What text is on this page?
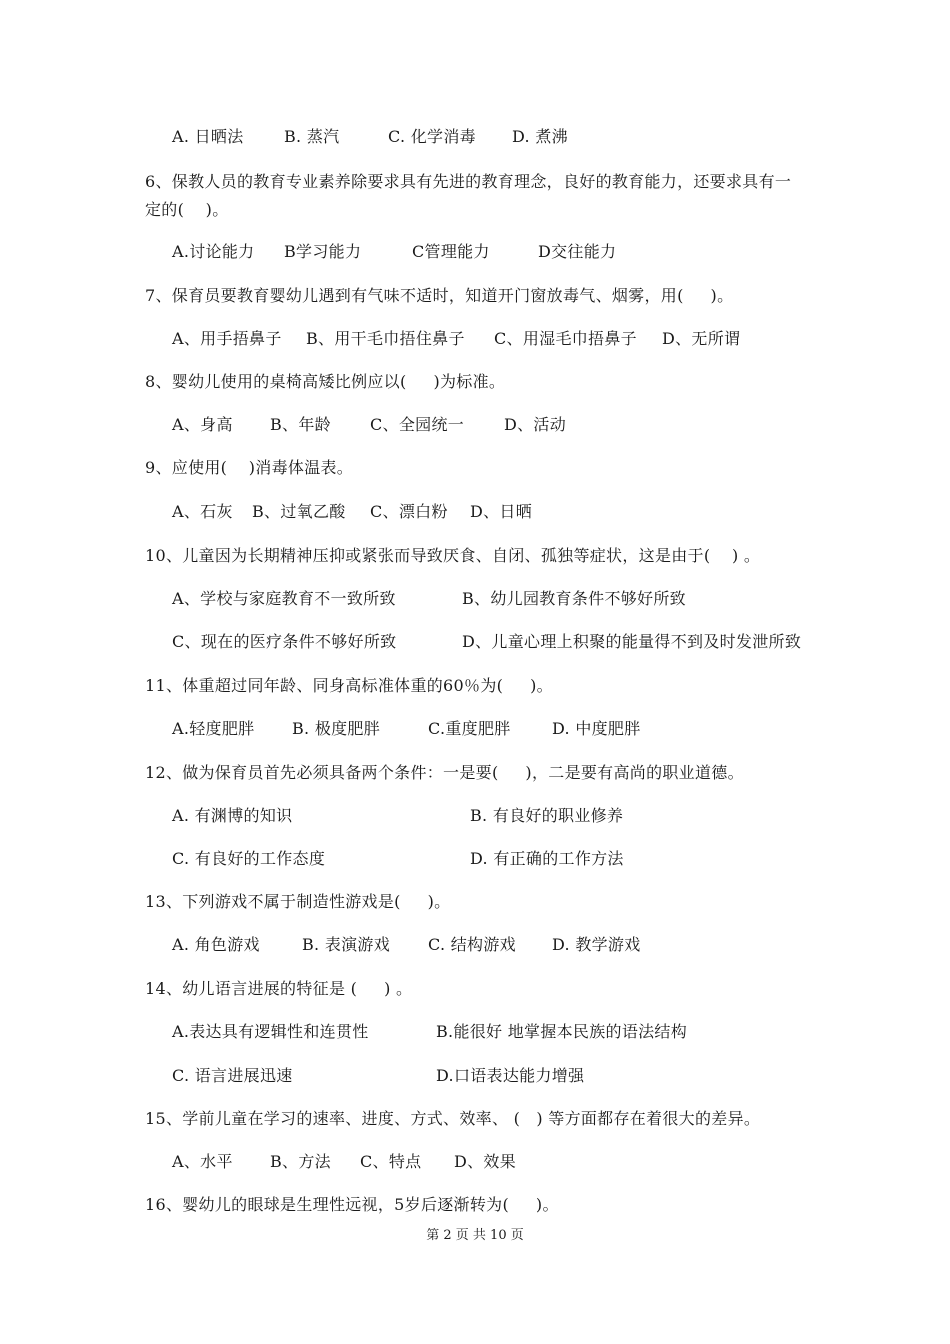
A. 日晒法	B. 蒸汽	C. 化学消毒 D. 煮沸
6、保教人员的教育专业素养除要求具有先进的教育理念，良好的教育能力，还要求具有一
定的(    )。
A.讨论能力 B学习能力	C管理能力	D交往能力
7、保育员要教育婴幼儿遇到有气味不适时，知道开门窗放毒气、烟雾，用(     )。
A、用手捂鼻子 B、用干毛巾捂住鼻子 C、用湿毛巾捂鼻子 D、无所谓
8、婴幼儿使用的桌椅高矮比例应以(     )为标准。
A、身高 B、年龄 C、全园统一 D、活动
9、应使用(    )消毒体温表。
A、石灰 B、过氧乙酸 C、漂白粉 D、日晒
10、儿童因为长期精神压抑或紧张而导致厌食、自闭、孤独等症状，这是由于(    ) 。
A、学校与家庭教育不一致所致	B、幼儿园教育条件不够好所致
C、现在的医疗条件不够好所致	D、儿童心理上积聚的能量得不到及时发泄所致
11、体重超过同年龄、同身高标准体重的60％为(     )。
A.轻度肥胖 B. 极度肥胖	C.重度肥胖	D. 中度肥胖
12、做为保育员首先必须具备两个条件：一是要(     )，二是要有高尚的职业道德。
A. 有渊博的知识	B. 有良好的职业修养
C. 有良好的工作态度	D. 有正确的工作方法
13、下列游戏不属于制造性游戏是(     )。
A. 角色游戏	B. 表演游戏 C. 结构游戏 D. 教学游戏
14、幼儿语言进展的特征是 (     ) 。
A.表达具有逻辑性和连贯性	B.能很好 地掌握本民族的语法结构
C. 语言进展迅速	D.口语表达能力增强
15、学前儿童在学习的速率、进度、方式、效率、 (   ) 等方面都存在着很大的差异。
A、水平 B、方法 C、特点 D、效果
16、婴幼儿的眼球是生理性远视，5岁后逐渐转为(     )。
第 2 页 共 10 页
